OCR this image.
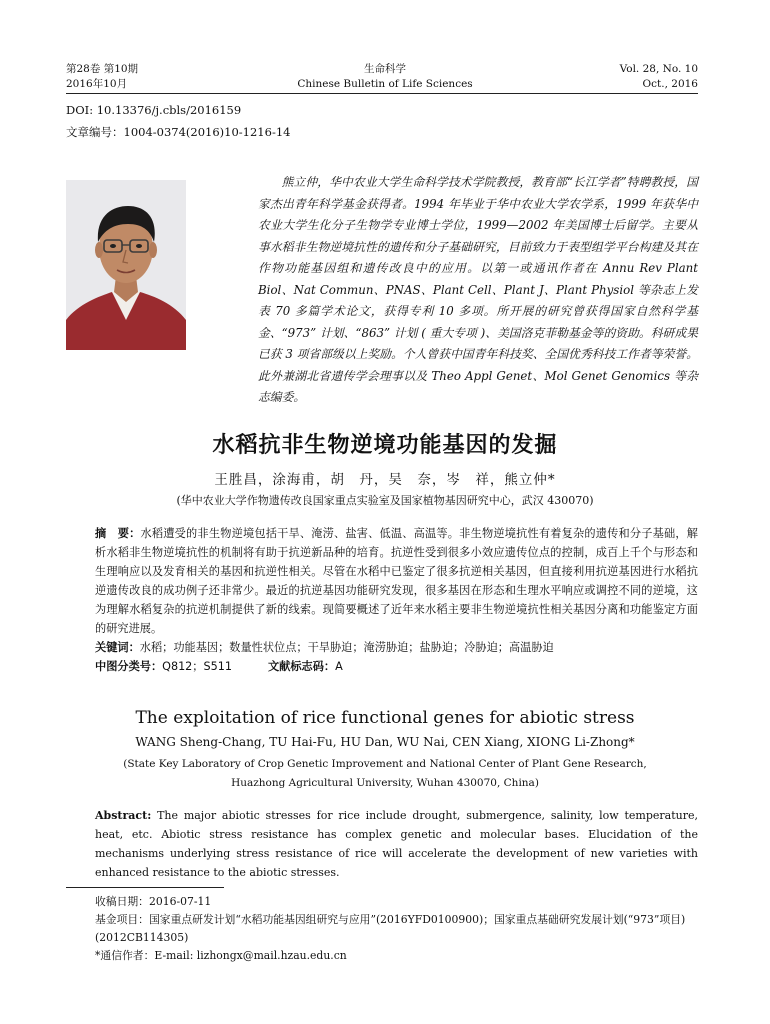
第28卷 第10期
2016年10月
生命科学
Chinese Bulletin of Life Sciences
Vol. 28, No. 10
Oct., 2016
DOI: 10.13376/j.cbls/2016159
文章编号：1004-0374(2016)10-1216-14

熊立仲，华中农业大学生命科学技术学院教授，教育部“长江学者”特聘教授，国家杰出青年科学基金获得者。1994 年毕业于华中农业大学农学系，1999 年获华中农业大学生化分子生物学专业博士学位，1999—2002 年美国博士后留学。主要从事水稻非生物逆境抗性的遗传和分子基础研究，目前致力于表型组学平台构建及其在作物功能基因组和遗传改良中的应用。以第一或通讯作者在 Annu Rev Plant Biol、Nat Commun、PNAS、Plant Cell、Plant J、Plant Physiol 等杂志上发表 70 多篇学术论文，获得专利 10 多项。所开展的研究曾获得国家自然科学基金、“973” 计划、“863” 计划 ( 重大专项 )、美国洛克菲勒基金等的资助。科研成果已获 3 项省部级以上奖励。个人曾获中国青年科技奖、全国优秀科技工作者等荣誉。此外兼湖北省遗传学会理事以及 Theo Appl Genet、Mol Genet Genomics 等杂志编委。

水稻抗非生物逆境功能基因的发掘
王胜昌，涂海甫，胡　丹，吴　奈，岑　祥，熊立仲*
(华中农业大学作物遗传改良国家重点实验室及国家植物基因研究中心，武汉 430070)

摘　要：水稻遭受的非生物逆境包括干旱、淹涝、盐害、低温、高温等。非生物逆境抗性有着复杂的遗传和分子基础，解析水稻非生物逆境抗性的机制将有助于抗逆新品种的培育。抗逆性受到很多小效应遗传位点的控制，成百上千个与形态和生理响应以及发育相关的基因和抗逆性相关。尽管在水稻中已鉴定了很多抗逆相关基因，但直接利用抗逆基因进行水稻抗逆遗传改良的成功例子还非常少。最近的抗逆基因功能研究发现，很多基因在形态和生理水平响应或调控不同的逆境，这为理解水稻复杂的抗逆机制提供了新的线索。现简要概述了近年来水稻主要非生物逆境抗性相关基因分离和功能鉴定方面的研究进展。

关键词：水稻；功能基因；数量性状位点；干旱胁迫；淹涝胁迫；盐胁迫；冷胁迫；高温胁迫

中图分类号：Q812；S511	文献标志码：A

The exploitation of rice functional genes for abiotic stress
WANG Sheng-Chang, TU Hai-Fu, HU Dan, WU Nai, CEN Xiang, XIONG Li-Zhong*
(State Key Laboratory of Crop Genetic Improvement and National Center of Plant Gene Research,
Huazhong Agricultural University, Wuhan 430070, China)

Abstract: The major abiotic stresses for rice include drought, submergence, salinity, low temperature, heat, etc. Abiotic stress resistance has complex genetic and molecular bases. Elucidation of the mechanisms underlying stress resistance of rice will accelerate the development of new varieties with enhanced resistance to the abiotic stresses.

收稿日期：2016-07-11

基金项目：国家重点研发计划“水稻功能基因组研究与应用”(2016YFD0100900)；国家重点基础研究发展计划(“973”项目)(2012CB114305)

*通信作者：E-mail: lizhongx@mail.hzau.edu.cn
